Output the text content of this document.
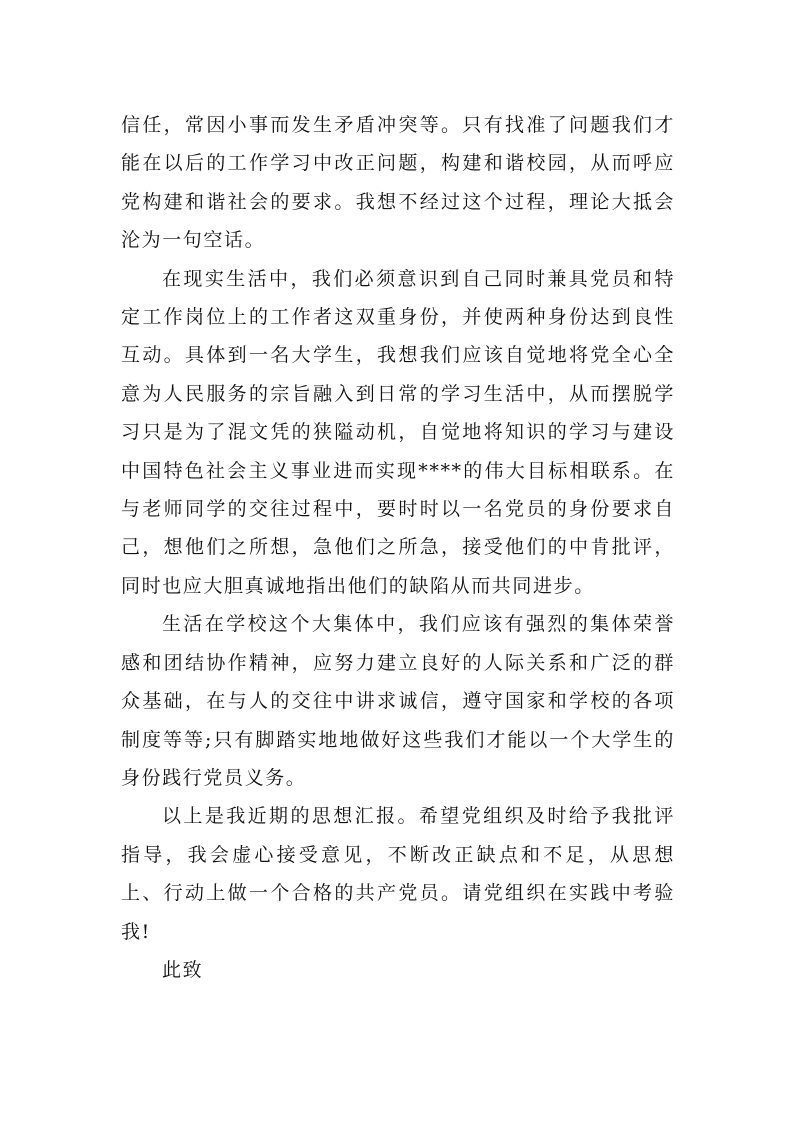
信任，常因小事而发生矛盾冲突等。只有找准了问题我们才能在以后的工作学习中改正问题，构建和谐校园，从而呼应党构建和谐社会的要求。我想不经过这个过程，理论大抵会沦为一句空话。

在现实生活中，我们必须意识到自己同时兼具党员和特定工作岗位上的工作者这双重身份，并使两种身份达到良性互动。具体到一名大学生，我想我们应该自觉地将党全心全意为人民服务的宗旨融入到日常的学习生活中，从而摆脱学习只是为了混文凭的狭隘动机，自觉地将知识的学习与建设中国特色社会主义事业进而实现****的伟大目标相联系。在与老师同学的交往过程中，要时时以一名党员的身份要求自己，想他们之所想，急他们之所急，接受他们的中肯批评，同时也应大胆真诚地指出他们的缺陷从而共同进步。

生活在学校这个大集体中，我们应该有强烈的集体荣誉感和团结协作精神，应努力建立良好的人际关系和广泛的群众基础，在与人的交往中讲求诚信，遵守国家和学校的各项制度等等;只有脚踏实地地做好这些我们才能以一个大学生的身份践行党员义务。

以上是我近期的思想汇报。希望党组织及时给予我批评指导，我会虚心接受意见，不断改正缺点和不足，从思想上、行动上做一个合格的共产党员。请党组织在实践中考验我!

此致
